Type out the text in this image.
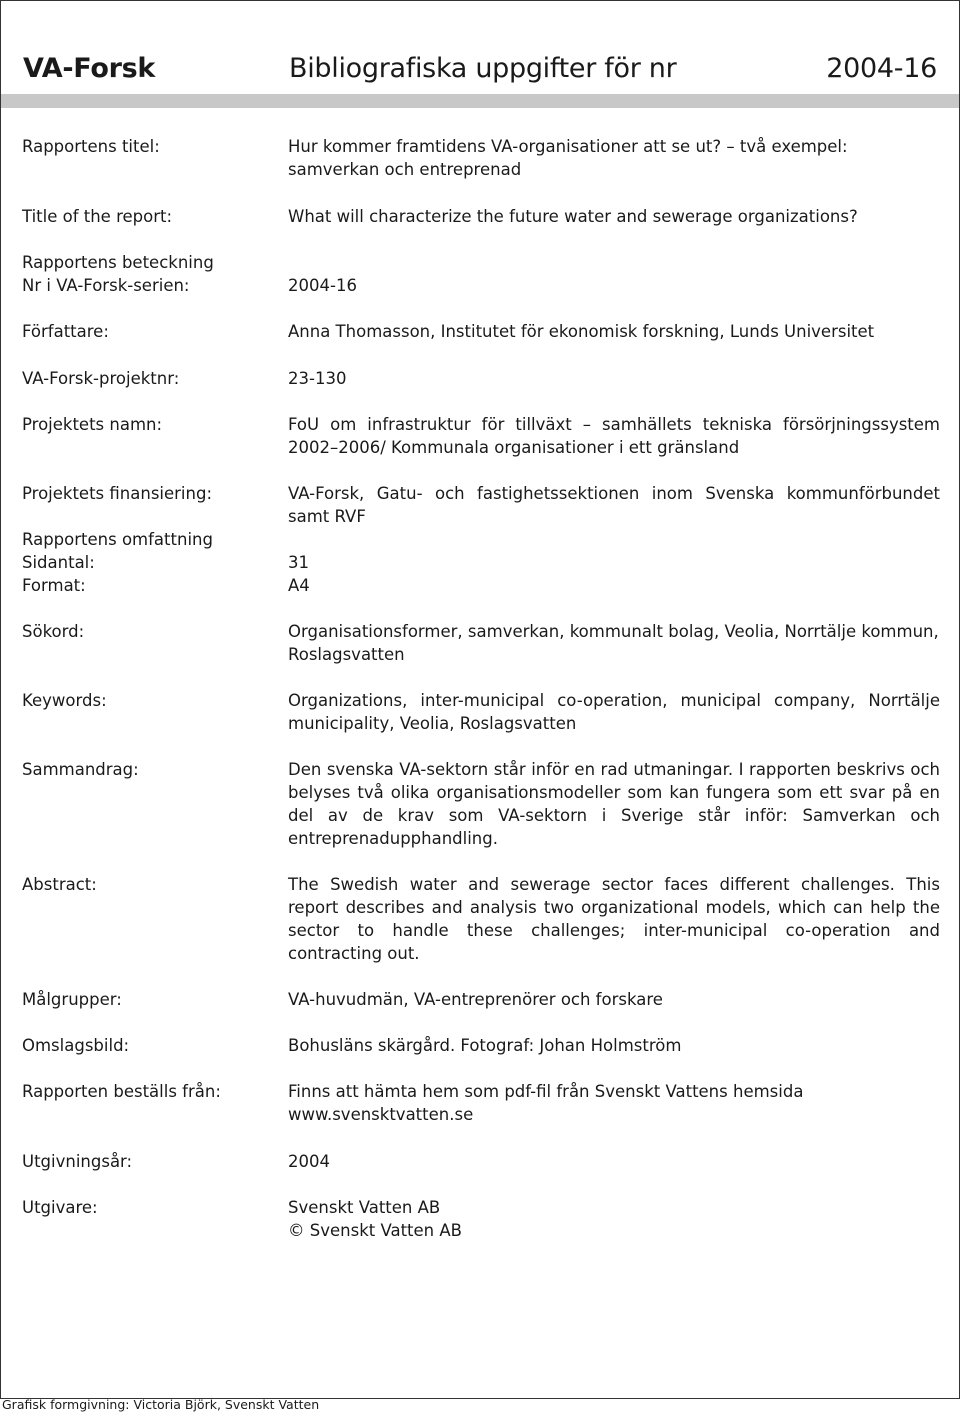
VA-Forsk	Bibliografiska uppgifter för nr	2004-16
Rapportens titel:	Hur kommer framtidens VA-organisationer att se ut? – två exempel: samverkan och entreprenad
Title of the report:	What will characterize the future water and sewerage organizations?
Rapportens beteckning
Nr i VA-Forsk-serien:	2004-16
Författare:	Anna Thomasson, Institutet för ekonomisk forskning, Lunds Universitet
VA-Forsk-projektnr:	23-130
Projektets namn:	FoU om infrastruktur för tillväxt – samhällets tekniska försörjningssystem 2002–2006/ Kommunala organisationer i ett gränsland
Projektets finansiering:	VA-Forsk, Gatu- och fastighetssektionen inom Svenska kommunförbundet samt RVF
Rapportens omfattning
Sidantal:	31
Format:	A4
Sökord:	Organisationsformer, samverkan, kommunalt bolag, Veolia, Norrtälje kommun, Roslagsvatten
Keywords:	Organizations, inter-municipal co-operation, municipal company, Norrtälje municipality, Veolia, Roslagsvatten
Sammandrag:	Den svenska VA-sektorn står inför en rad utmaningar. I rapporten beskrivs och belyses två olika organisationsmodeller som kan fungera som ett svar på en del av de krav som VA-sektorn i Sverige står inför: Samverkan och entreprenadupphandling.
Abstract:	The Swedish water and sewerage sector faces different challenges. This report describes and analysis two organizational models, which can help the sector to handle these challenges; inter-municipal co-operation and contracting out.
Målgrupper:	VA-huvudmän, VA-entreprenörer och forskare
Omslagsbild:	Bohusläns skärgård. Fotograf: Johan Holmström
Rapporten beställs från:	Finns att hämta hem som pdf-fil från Svenskt Vattens hemsida
www.svensktvatten.se
Utgivningsår:	2004
Utgivare:	Svenskt Vatten AB
© Svenskt Vatten AB
Grafisk formgivning: Victoria Björk, Svenskt Vatten
